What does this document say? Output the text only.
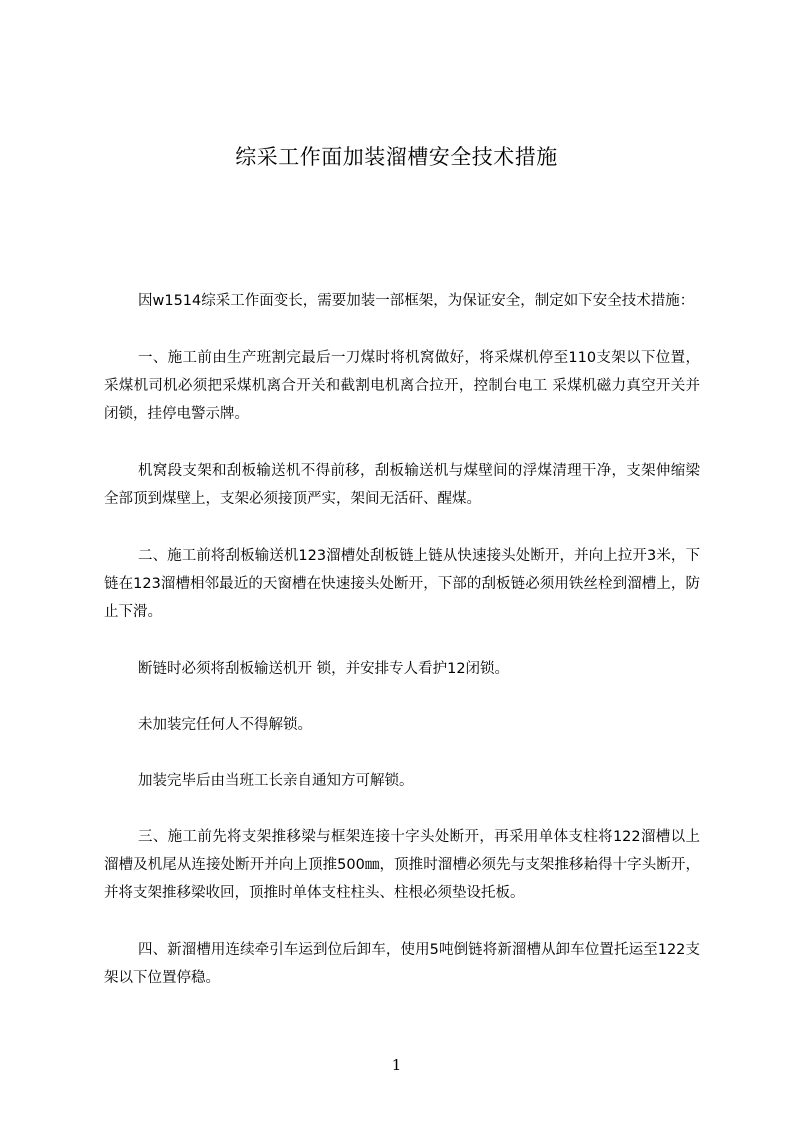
综采工作面加装溜槽安全技术措施

因w1514综采工作面变长，需要加装一部框架，为保证安全，制定如下安全技术措施：

一、施工前由生产班割完最后一刀煤时将机窝做好，将采煤机停至110支架以下位置，采煤机司机必须把采煤机离合开关和截割电机离合拉开，控制台电工 采煤机磁力真空开关并闭锁，挂停电警示牌。

机窝段支架和刮板输送机不得前移，刮板输送机与煤壁间的浮煤清理干净，支架伸缩梁全部顶到煤壁上，支架必须接顶严实，架间无活矸、醒煤。

二、施工前将刮板输送机123溜槽处刮板链上链从快速接头处断开，并向上拉开3米，下链在123溜槽相邻最近的天窗槽在快速接头处断开，下部的刮板链必须用铁丝栓到溜槽上，防止下滑。

断链时必须将刮板输送机开 锁，并安排专人看护12闭锁。

未加装完任何人不得解锁。

加装完毕后由当班工长亲自通知方可解锁。

三、施工前先将支架推移梁与框架连接十字头处断开，再采用单体支柱将122溜槽以上溜槽及机尾从连接处断开并向上顶推500㎜，顶推时溜槽必须先与支架推移耛得十字头断开，并将支架推移梁收回，顶推时单体支柱柱头、柱根必须垫设托板。

四、新溜槽用连续牵引车运到位后卸车，使用5吨倒链将新溜槽从卸车位置托运至122支架以下位置停稳。

1
